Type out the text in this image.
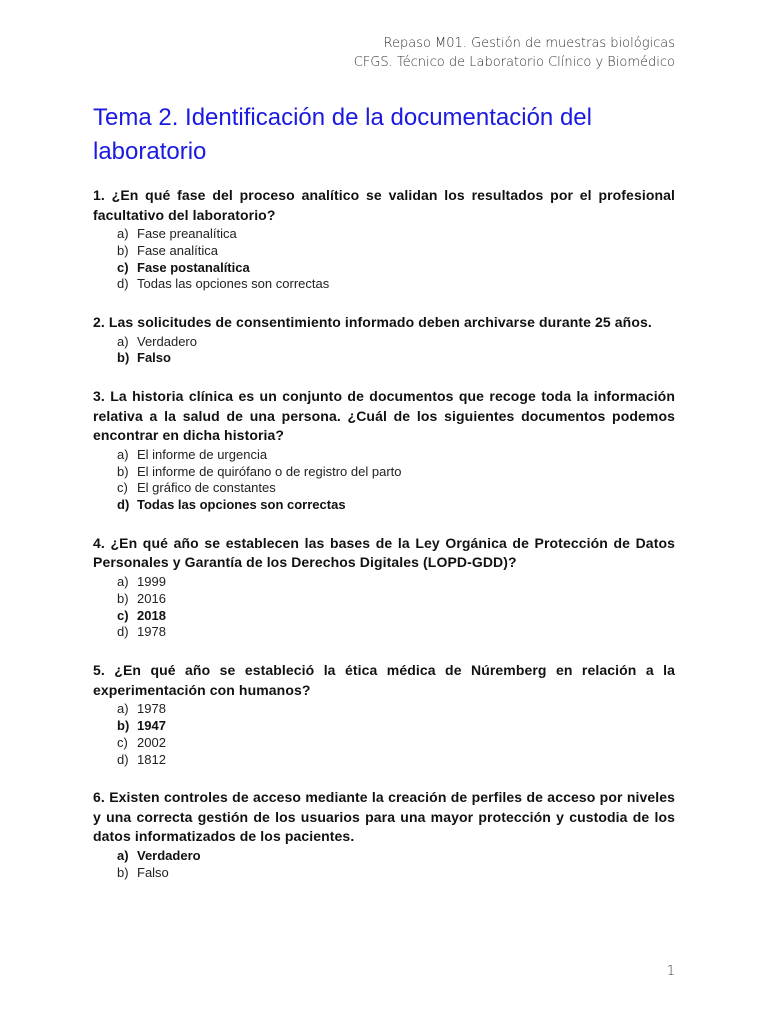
Repaso M01. Gestión de muestras biológicas
CFGS. Técnico de Laboratorio Clínico y Biomédico
Tema 2. Identificación de la documentación del laboratorio

1. ¿En qué fase del proceso analítico se validan los resultados por el profesional facultativo del laboratorio?

a) Fase preanalítica
b) Fase analítica
c) Fase postanalítica
d) Todas las opciones son correctas

2. Las solicitudes de consentimiento informado deben archivarse durante 25 años.

a) Verdadero
b) Falso

3. La historia clínica es un conjunto de documentos que recoge toda la información relativa a la salud de una persona. ¿Cuál de los siguientes documentos podemos encontrar en dicha historia?

a) El informe de urgencia
b) El informe de quirófano o de registro del parto
c) El gráfico de constantes
d) Todas las opciones son correctas

4. ¿En qué año se establecen las bases de la Ley Orgánica de Protección de Datos Personales y Garantía de los Derechos Digitales (LOPD-GDD)?

a) 1999
b) 2016
c) 2018
d) 1978

5. ¿En qué año se estableció la ética médica de Núremberg en relación a la experimentación con humanos?

a) 1978
b) 1947
c) 2002
d) 1812

6. Existen controles de acceso mediante la creación de perfiles de acceso por niveles y una correcta gestión de los usuarios para una mayor protección y custodia de los datos informatizados de los pacientes.

a) Verdadero
b) Falso
1
